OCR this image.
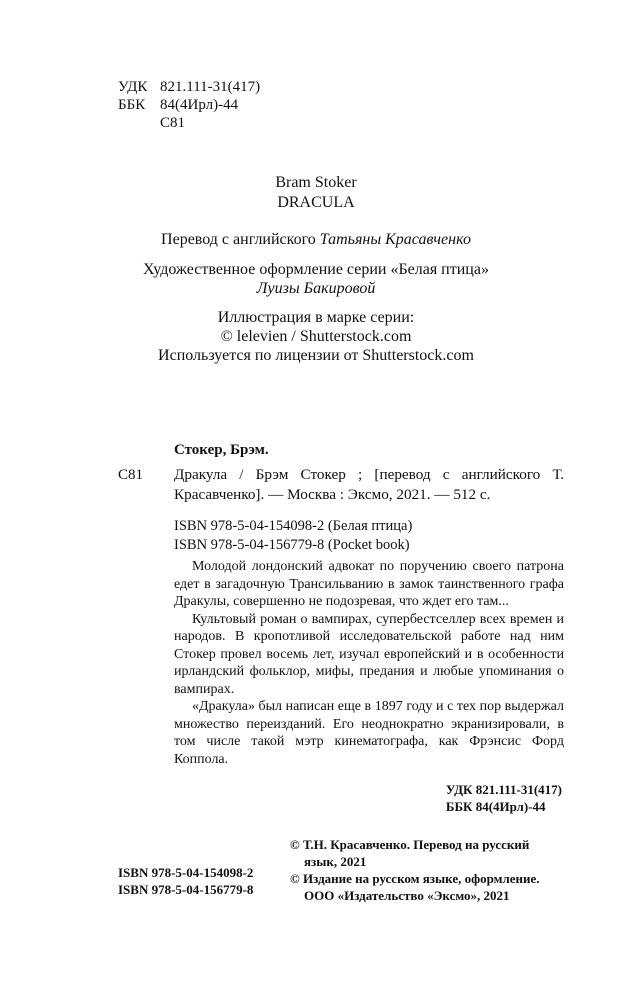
УДК 821.111-31(417)
ББК 84(4Ирл)-44
С81
Bram Stoker
DRACULA
Перевод с английского Татьяны Красавченко
Художественное оформление серии «Белая птица»
Луизы Бакировой
Иллюстрация в марке серии:
© lelevien / Shutterstock.com
Используется по лицензии от Shutterstock.com
Стокер, Брэм.
С81 Дракула / Брэм Стокер ; [перевод с английского Т. Красавченко]. — Москва : Эксмо, 2021. — 512 с.
ISBN 978-5-04-154098-2 (Белая птица)
ISBN 978-5-04-156779-8 (Pocket book)

Молодой лондонский адвокат по поручению своего патрона едет в загадочную Трансильванию в замок таинственного графа Дракулы, совершенно не подозревая, что ждет его там...

Культовый роман о вампирах, супербестселлер всех времен и народов. В кропотливой исследовательской работе над ним Стокер провел восемь лет, изучал европейский и в особенности ирландский фольклор, мифы, предания и любые упоминания о вампирах.

«Дракула» был написан еще в 1897 году и с тех пор выдержал множество переизданий. Его неоднократно экранизировали, в том числе такой мэтр кинематографа, как Фрэнсис Форд Коппола.

УДК 821.111-31(417)
ББК 84(4Ирл)-44
ISBN 978-5-04-154098-2
ISBN 978-5-04-156779-8
© Т.Н. Красавченко. Перевод на русский язык, 2021
© Издание на русском языке, оформление. ООО «Издательство «Эксмо», 2021
